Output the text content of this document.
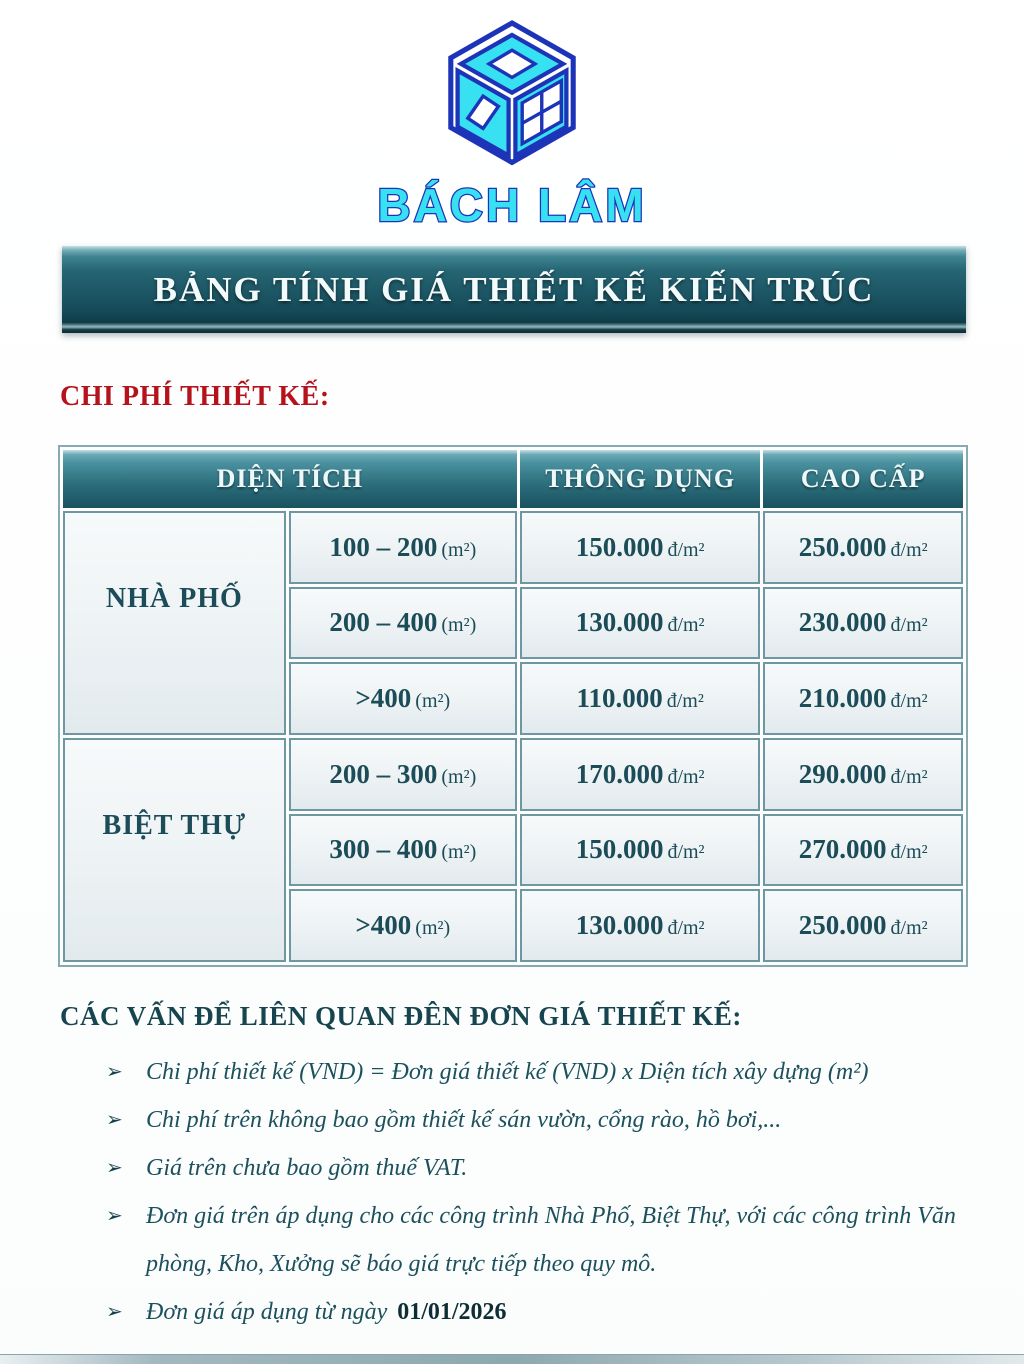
BÁCH LÂM
BẢNG TÍNH GIÁ THIẾT KẾ KIẾN TRÚC
CHI PHÍ THIẾT KẾ:
DIỆN TÍCH		THÔNG DỤNG	CAO CẤP
NHÀ PHỐ	100 – 200 (m²)	150.000 đ/m²	250.000 đ/m²
	200 – 400 (m²)	130.000 đ/m²	230.000 đ/m²
	>400 (m²)	110.000 đ/m²	210.000 đ/m²
BIỆT THỰ	200 – 300 (m²)	170.000 đ/m²	290.000 đ/m²
	300 – 400 (m²)	150.000 đ/m²	270.000 đ/m²
	>400 (m²)	130.000 đ/m²	250.000 đ/m²
CÁC VẤN ĐỂ LIÊN QUAN ĐÊN ĐƠN GIÁ THIẾT KẾ:
➢ Chi phí thiết kế (VND) = Đơn giá thiết kế (VND) x Diện tích xây dựng (m²)
➢ Chi phí trên không bao gồm thiết kế sán vườn, cổng rào, hồ bơi,...
➢ Giá trên chưa bao gồm thuế VAT.
➢ Đơn giá trên áp dụng cho các công trình Nhà Phố, Biệt Thự, với các công trình Văn phòng, Kho, Xưởng sẽ báo giá trực tiếp theo quy mô.
➢ Đơn giá áp dụng từ ngày 01/01/2026
